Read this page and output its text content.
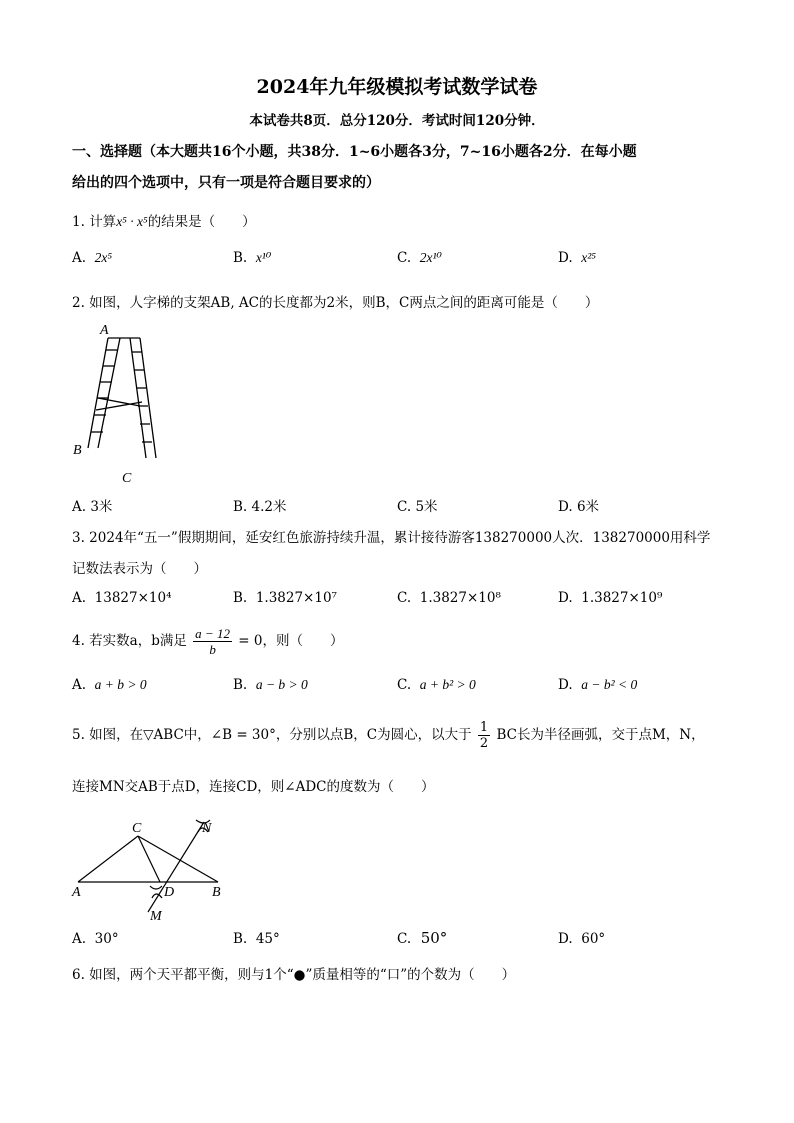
2024年九年级模拟考试数学试卷
本试卷共8页．总分120分．考试时间120分钟．
一、选择题（本大题共16个小题，共38分．1~6小题各3分，7~16小题各2分．在每小题
给出的四个选项中，只有一项是符合题目要求的）
1. 计算x⁵ · x⁵的结果是（　　）
A. 2x⁵	B. x¹⁰	C. 2x¹⁰	D. x²⁵
2. 如图，人字梯的支架AB, AC的长度都为2米，则B，C两点之间的距离可能是（　　）
A
B
C
A. 3米	B. 4.2米	C. 5米	D. 6米
3. 2024年“五一”假期期间，延安红色旅游持续升温，累计接待游客138270000人次．138270000用科学
记数法表示为（　　）
A. 13827×10⁴	B. 1.3827×10⁷	C. 1.3827×10⁸	D. 1.3827×10⁹
4. 若实数a，b满足 $\frac{a - 12}{b} = 0$，则（　　）
A. a + b > 0	B. a − b > 0	C. a + b² > 0	D. a − b² < 0
5. 如图，在▽ABC中，∠B = 30°，分别以点B，C为圆心，以大于 $\frac{1}{2}$ BC长为半径画弧，交于点M，N，
连接MN交AB于点D，连接CD，则∠ADC的度数为（　　）
C
A	B
D
M
N
A. 30°	B. 45°	C. 50°	D. 60°
6. 如图，两个天平都平衡，则与1个“●”质量相等的“口”的个数为（　　）
